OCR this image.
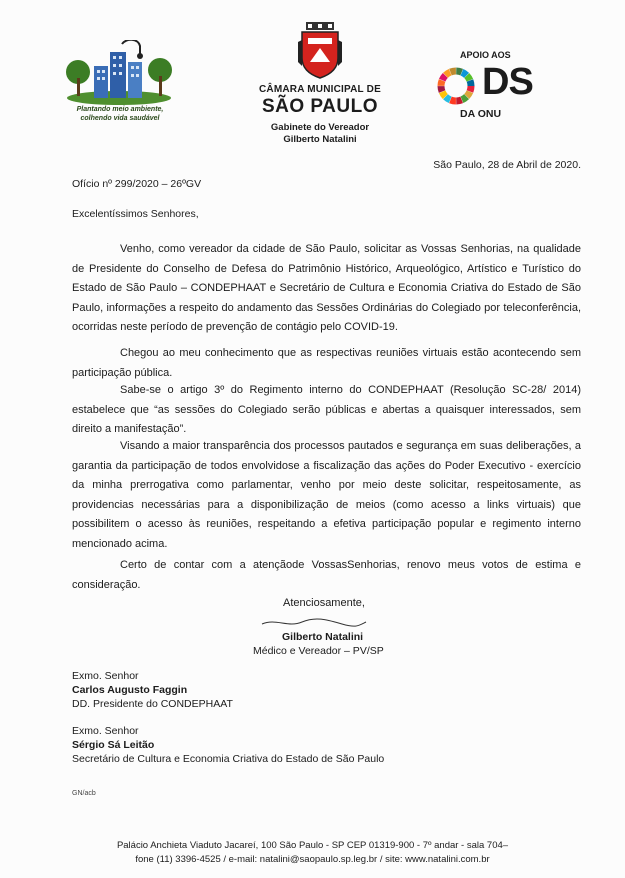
Plantando meio ambiente,
colhendo vida saudável
CÂMARA MUNICIPAL DE
SÃO PAULO
Gabinete do Vereador
Gilberto Natalini
APOIO AOS
DS
DA ONU
São Paulo, 28 de Abril de 2020.
Ofício nº 299/2020 – 26ºGV
Excelentíssimos Senhores,
Venho, como vereador da cidade de São Paulo, solicitar as Vossas Senhorias, na qualidade de Presidente do Conselho de Defesa do Patrimônio Histórico, Arqueológico, Artístico e Turístico do Estado de São Paulo – CONDEPHAAT e Secretário de Cultura e Economia Criativa do Estado de São Paulo, informações a respeito do andamento das Sessões Ordinárias do Colegiado por teleconferência, ocorridas neste período de prevenção de contágio pelo COVID-19.
Chegou ao meu conhecimento que as respectivas reuniões virtuais estão acontecendo sem participação pública.
Sabe-se o artigo 3º do Regimento interno do CONDEPHAAT (Resolução SC-28/ 2014) estabelece que “as sessões do Colegiado serão públicas e abertas a quaisquer interessados, sem direito a manifestação”.
Visando a maior transparência dos processos pautados e segurança em suas deliberações, a garantia da participação de todos envolvidose a fiscalização das ações do Poder Executivo - exercício da minha prerrogativa como parlamentar, venho por meio deste solicitar, respeitosamente, as providencias necessárias para a disponibilização de meios (como acesso a links virtuais) que possibilitem o acesso às reuniões, respeitando a efetiva participação popular e regimento interno mencionado acima.
Certo de contar com a atençãode VossasSenhorias, renovo meus votos de estima e consideração.
Atenciosamente,
Gilberto Natalini
Médico e Vereador – PV/SP
Exmo. Senhor
Carlos Augusto Faggin
DD. Presidente do CONDEPHAAT
Exmo. Senhor
Sérgio Sá Leitão
Secretário de Cultura e Economia Criativa do Estado de São Paulo
GN/acb
Palácio Anchieta Viaduto Jacareí, 100 São Paulo - SP CEP 01319-900 - 7º andar - sala 704–
fone (11) 3396-4525 / e-mail: natalini@saopaulo.sp.leg.br / site: www.natalini.com.br
